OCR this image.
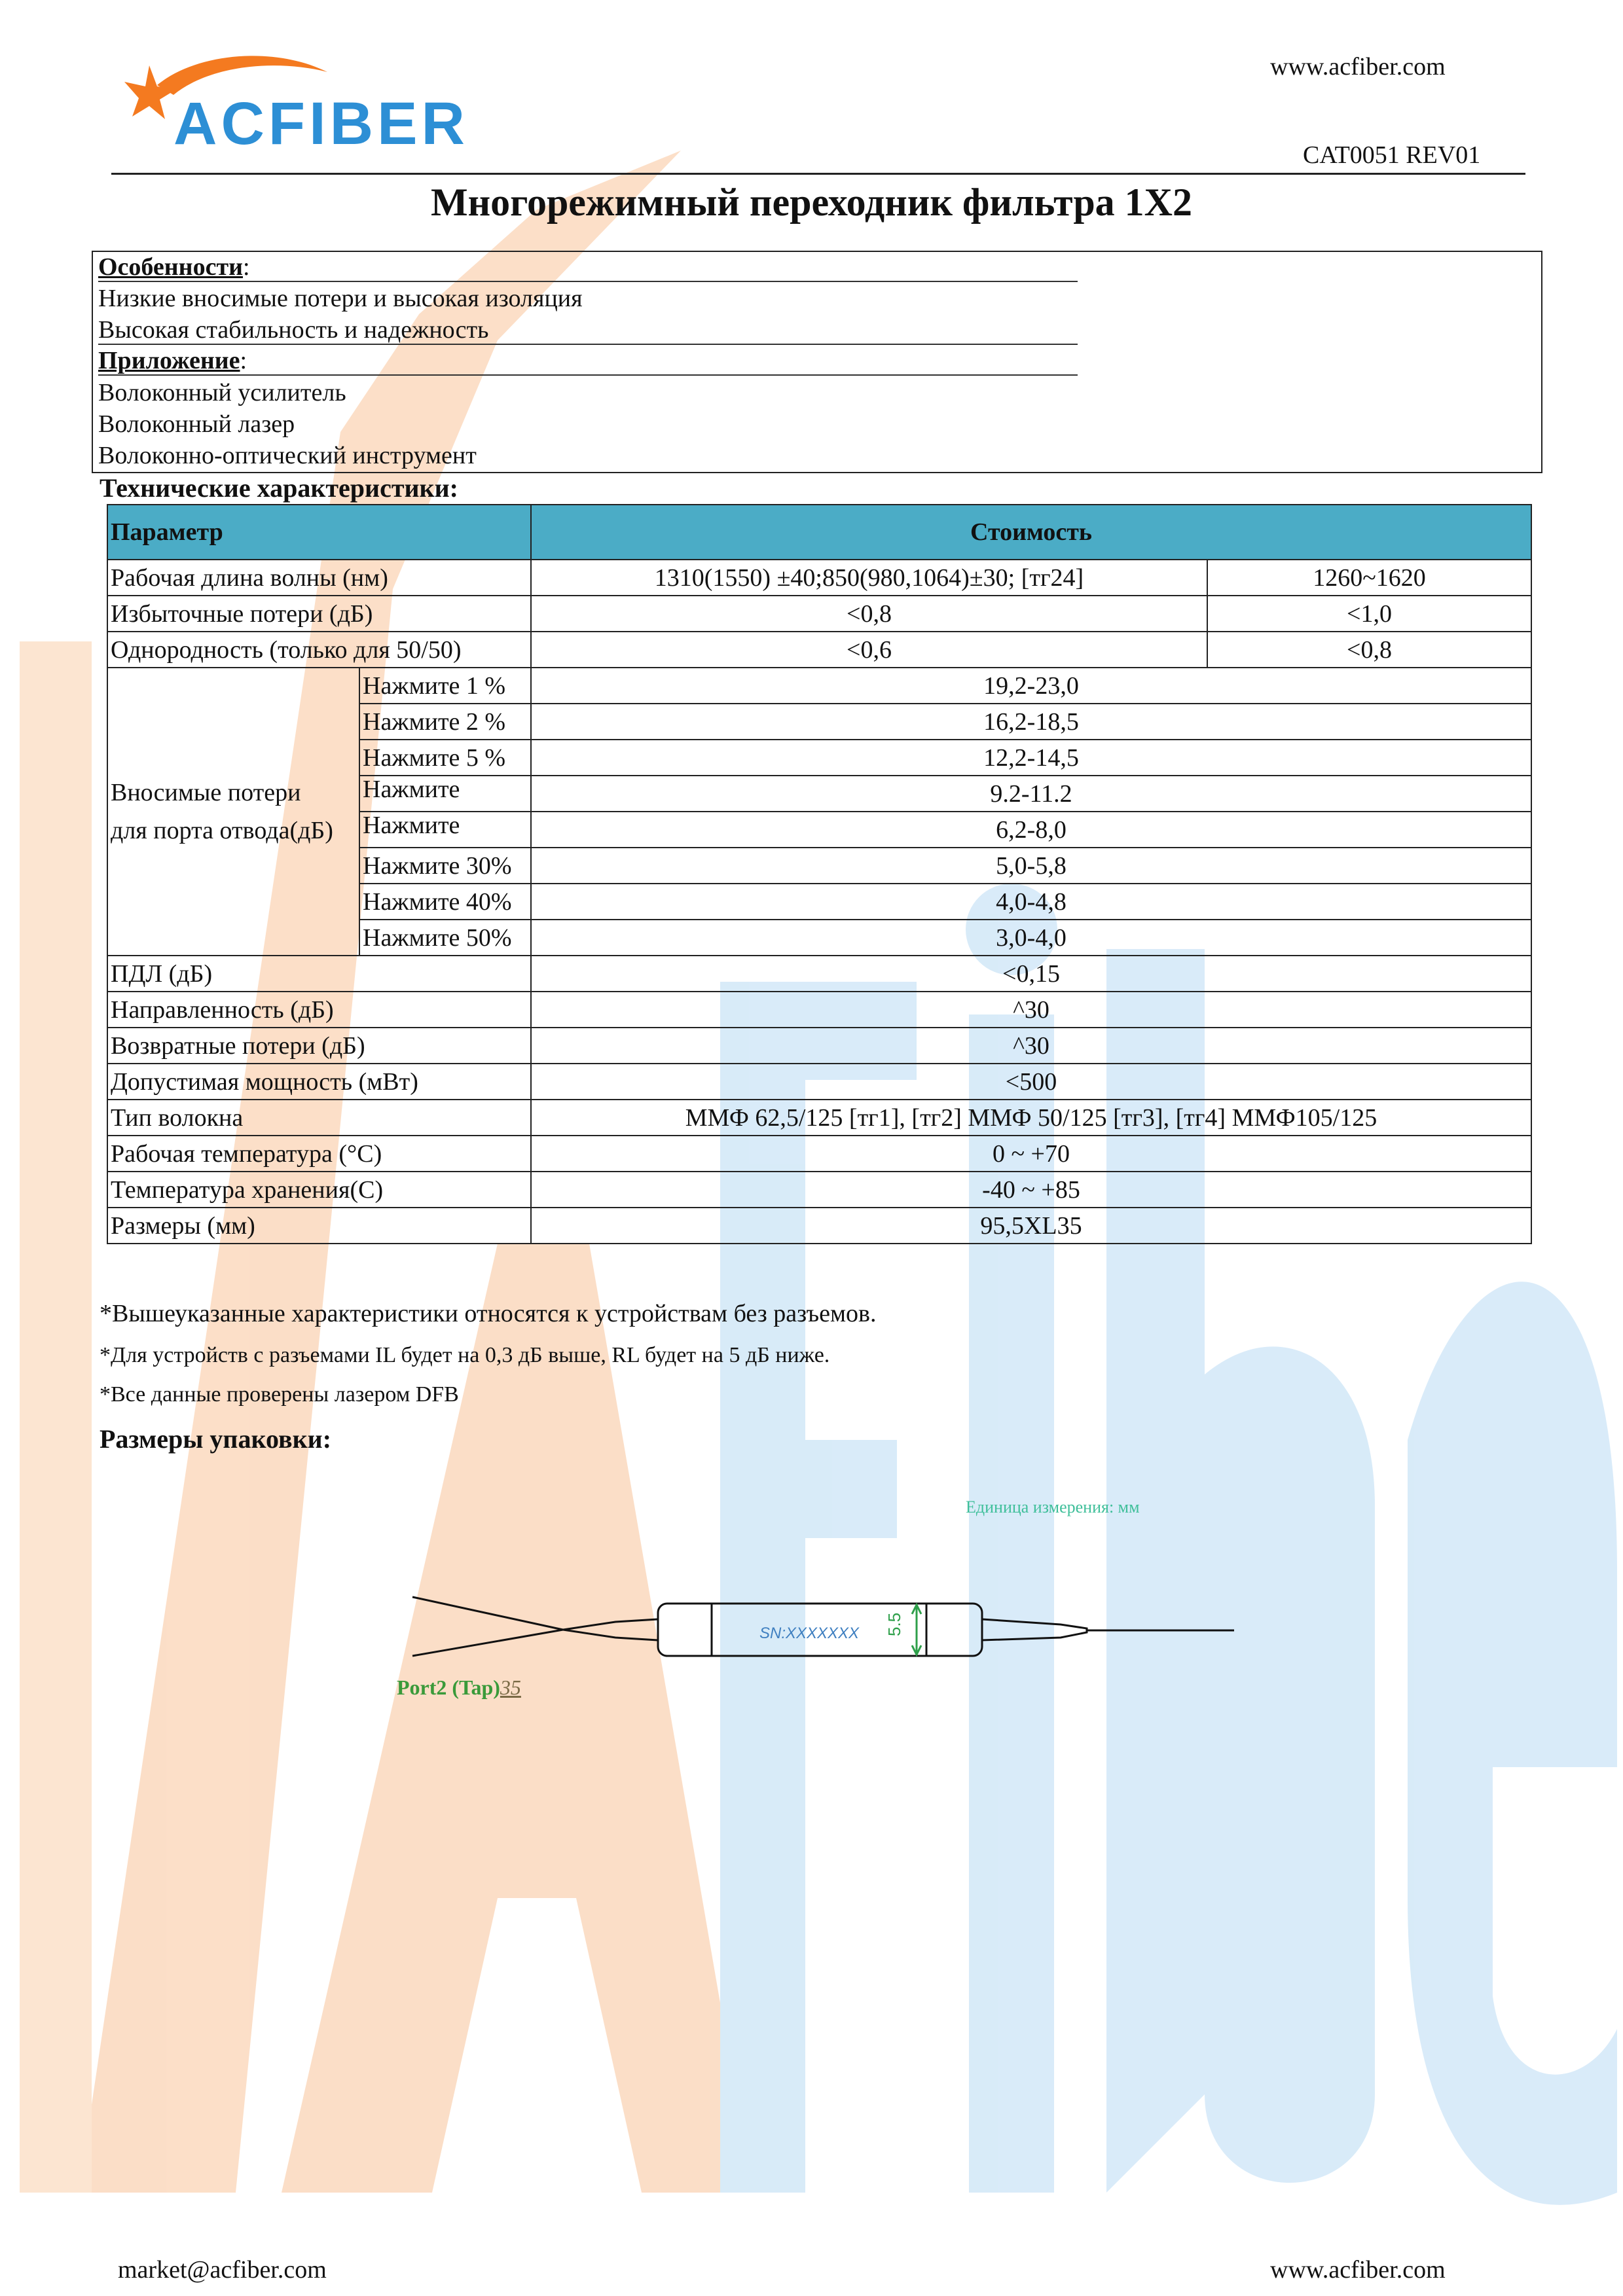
ACFIBER
www.acfiber.com
CAT0051 REV01
Многорежимный переходник фильтра 1X2
Особенности:
Низкие вносимые потери и высокая изоляция
Высокая стабильность и надежность
Приложение:
Волоконный усилитель
Волоконный лазер
Волоконно-оптический инструмент
Технические характеристики:
Параметр		Стоимость	
Рабочая длина волны (нм)		1310(1550) ±40;850(980,1064)±30; [тг24]	1260~1620
Избыточные потери (дБ)		<0,8	<1,0
Однородность (только для 50/50)		<0,6	<0,8
Вносимые потери
для порта отвода(дБ)	Нажмите 1 %	19,2-23,0	
	Нажмите 2 %	16,2-18,5	
	Нажмите 5 %	12,2-14,5	
	Нажмите	9.2-11.2	
	Нажмите	6,2-8,0	
	Нажмите 30%	5,0-5,8	
	Нажмите 40%	4,0-4,8	
	Нажмите 50%	3,0-4,0	
ПДЛ (дБ)		<0,15	
Направленность (дБ)		^30	
Возвратные потери (дБ)		^30	
Допустимая мощность (мВт)		<500	
Тип волокна		ММФ 62,5/125 [тг1], [тг2] ММФ 50/125 [тг3], [тг4] ММФ105/125	
Рабочая температура (°C)		0 ~ +70	
Температура хранения(C)		-40 ~ +85	
Размеры (мм)		95,5XL35	
*Вышеуказанные характеристики относятся к устройствам без разъемов.
*Для устройств с разъемами IL будет на 0,3 дБ выше, RL будет на 5 дБ ниже.
*Все данные проверены лазером DFB
Размеры упаковки:
Единица измерения: мм
5.5
SN:XXXXXXX
Port2 (Tap)35
market@acfiber.com	www.acfiber.com
